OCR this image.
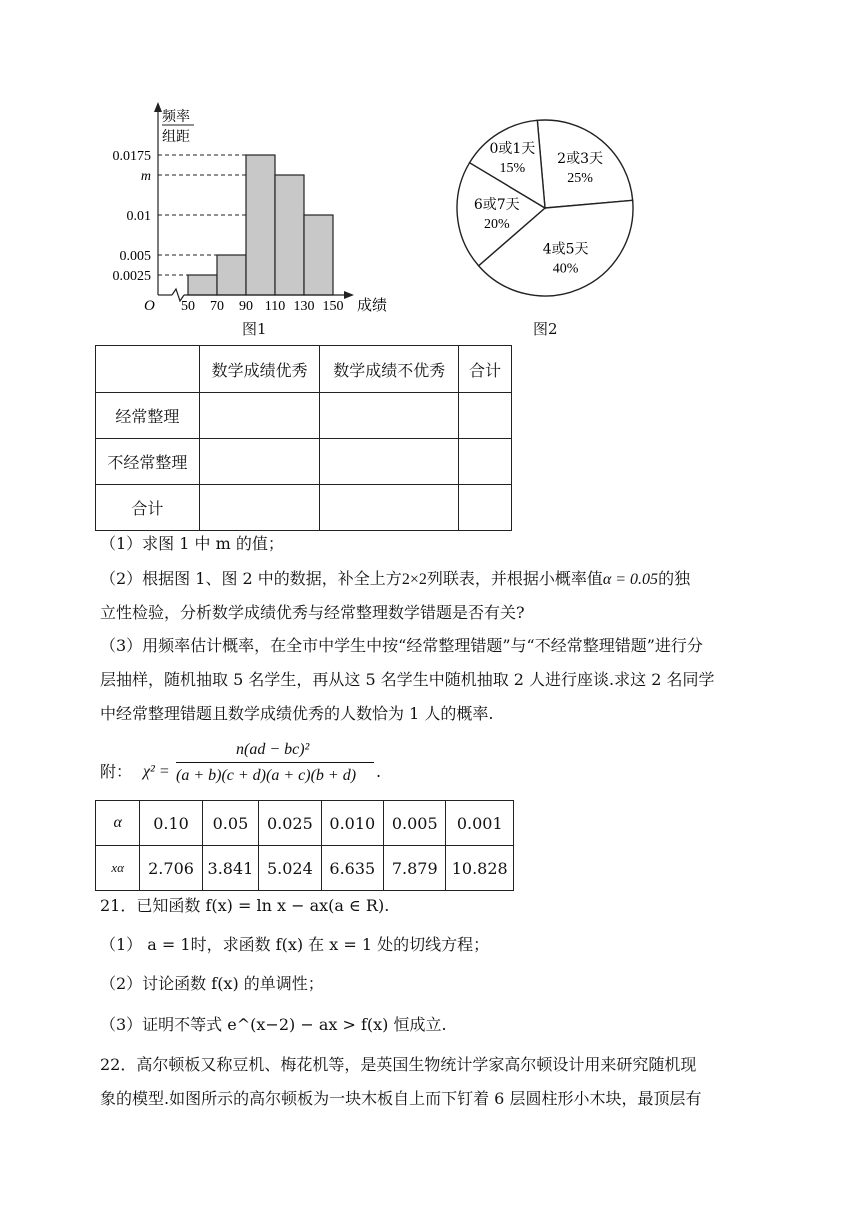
0.0175
m
0.01
0.005
0.0025
50 70 90 110 130 150
O	成绩
频率
组距
2或3天
25%
4或5天
40%
6或7天
20%
0或1天
15%
图1	图2
	数学成绩优秀	数学成绩不优秀	合计
经常整理			
不经常整理			
合计			
（1）求图 1 中 m 的值；
（2）根据图 1、图 2 中的数据，补全上方2×2列联表，并根据小概率值α = 0.05的独
立性检验，分析数学成绩优秀与经常整理数学错题是否有关?
（3）用频率估计概率，在全市中学生中按“经常整理错题”与“不经常整理错题”进行分
层抽样，随机抽取 5 名学生，再从这 5 名学生中随机抽取 2 人进行座谈.求这 2 名同学
中经常整理错题且数学成绩优秀的人数恰为 1 人的概率.
附： χ² =
n(ad − bc)²
(a + b)(c + d)(a + c)(b + d) .
α	0.10	0.05	0.025	0.010	0.005	0.001
xα	2.706	3.841	5.024	6.635	7.879	10.828
21．已知函数 f(x) = ln x − ax(a ∈ R).
（1） a = 1时，求函数 f(x) 在 x = 1 处的切线方程；
（2）讨论函数 f(x) 的单调性；
（3）证明不等式 e^(x−2) − ax > f(x) 恒成立.
22．高尔顿板又称豆机、梅花机等，是英国生物统计学家高尔顿设计用来研究随机现
象的模型.如图所示的高尔顿板为一块木板自上而下钉着 6 层圆柱形小木块，最顶层有
